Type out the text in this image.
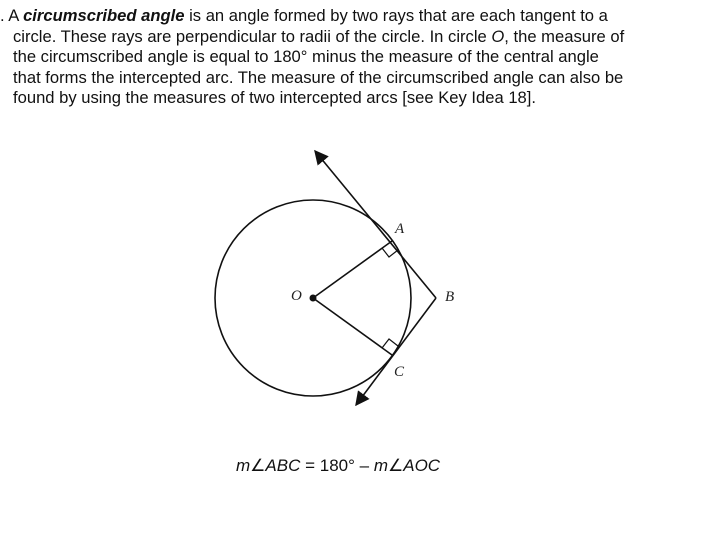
. A circumscribed angle is an angle formed by two rays that are each tangent to a
circle. These rays are perpendicular to radii of the circle. In circle O, the measure of
the circumscribed angle is equal to 180° minus the measure of the central angle
that forms the intercepted arc. The measure of the circumscribed angle can also be
found by using the measures of two intercepted arcs [see Key Idea 18].
O
A
B
C
m∠ABC = 180° – m∠AOC
